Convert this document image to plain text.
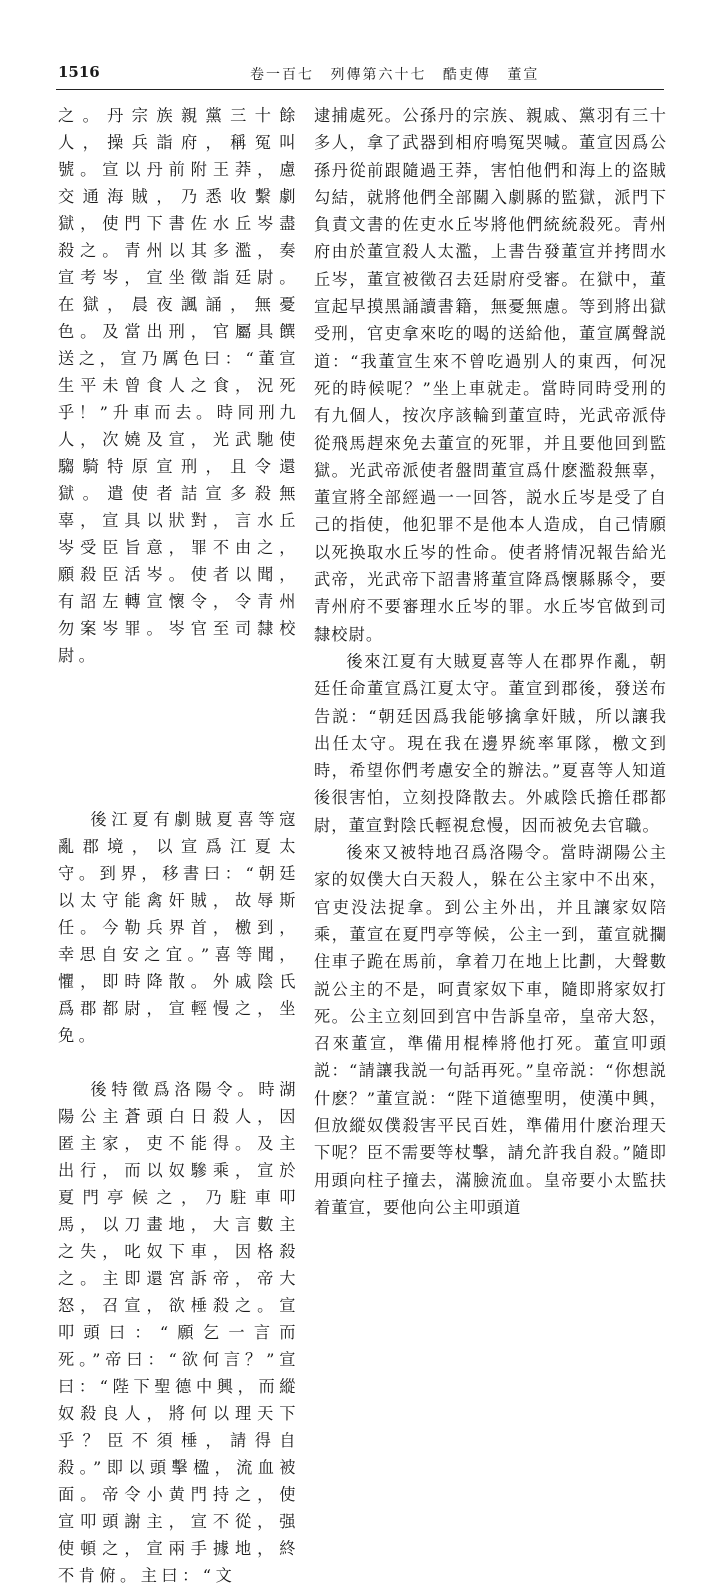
1516	卷一百七 列傳第六十七 酷吏傳 董宣

之。丹宗族親黨三十餘人，操兵詣府，稱冤叫號。宣以丹前附王莽，慮交通海賊，乃悉收繫劇獄，使門下書佐水丘岑盡殺之。青州以其多濫，奏宣考岑，宣坐徵詣廷尉。在獄，晨夜諷誦，無憂色。及當出刑，官屬具饌送之，宣乃厲色曰：“董宣生平未曾食人之食，況死乎！”升車而去。時同刑九人，次嬈及宣，光武馳使騶騎特原宣刑，且令還獄。遣使者詰宣多殺無辜，宣具以狀對，言水丘岑受臣旨意，罪不由之，願殺臣活岑。使者以聞，有詔左轉宣懷令，令青州勿案岑罪。岑官至司隸校尉。

後江夏有劇賊夏喜等寇亂郡境，以宣爲江夏太守。到界，移書曰：“朝廷以太守能禽奸賊，故辱斯任。今勒兵界首，檄到，幸思自安之宜。”喜等聞，懼，即時降散。外戚陰氏爲郡都尉，宣輕慢之，坐免。

後特徵爲洛陽令。時湖陽公主蒼頭白日殺人，因匿主家，吏不能得。及主出行，而以奴驂乘，宣於夏門亭候之，乃駐車叩馬，以刀畫地，大言數主之失，叱奴下車，因格殺之。主即還宮訴帝，帝大怒，召宣，欲棰殺之。宣叩頭曰：“願乞一言而死。”帝曰：“欲何言？”宣曰：“陛下聖德中興，而縱奴殺良人，將何以理天下乎？臣不須棰，請得自殺。”即以頭擊楹，流血被面。帝令小黄門持之，使宣叩頭謝主，宣不從，强使頓之，宣兩手據地，終不肯俯。主曰：“文

逮捕處死。公孫丹的宗族、親戚、黨羽有三十多人，拿了武器到相府鳴冤哭喊。董宣因爲公孫丹從前跟隨過王莽，害怕他們和海上的盗賊勾結，就將他們全部關入劇縣的監獄，派門下負責文書的佐吏水丘岑將他們統統殺死。青州府由於董宣殺人太濫，上書告發董宣并拷問水丘岑，董宣被徵召去廷尉府受審。在獄中，董宣起早摸黑誦讀書籍，無憂無慮。等到將出獄受刑，官吏拿來吃的喝的送給他，董宣厲聲説道：“我董宣生來不曾吃過别人的東西，何况死的時候呢？”坐上車就走。當時同時受刑的有九個人，按次序該輪到董宣時，光武帝派侍從飛馬趕來免去董宣的死罪，并且要他回到監獄。光武帝派使者盤問董宣爲什麽濫殺無辜，董宣將全部經過一一回答，説水丘岑是受了自己的指使，他犯罪不是他本人造成，自己情願以死换取水丘岑的性命。使者將情况報告給光武帝，光武帝下詔書將董宣降爲懷縣縣令，要青州府不要審理水丘岑的罪。水丘岑官做到司隸校尉。

後來江夏有大賊夏喜等人在郡界作亂，朝廷任命董宣爲江夏太守。董宣到郡後，發送布告説：“朝廷因爲我能够擒拿奸賊，所以讓我出任太守。現在我在邊界統率軍隊，檄文到時，希望你們考慮安全的辦法。”夏喜等人知道後很害怕，立刻投降散去。外戚陰氏擔任郡都尉，董宣對陰氏輕視怠慢，因而被免去官職。

後來又被特地召爲洛陽令。當時湖陽公主家的奴僕大白天殺人，躲在公主家中不出來，官吏没法捉拿。到公主外出，并且讓家奴陪乘，董宣在夏門亭等候，公主一到，董宣就攔住車子跪在馬前，拿着刀在地上比劃，大聲數説公主的不是，呵責家奴下車，隨即將家奴打死。公主立刻回到宫中告訴皇帝，皇帝大怒，召來董宣，準備用棍棒將他打死。董宣叩頭説：“請讓我説一句話再死。”皇帝説：“你想説什麽？”董宣説：“陛下道德聖明，使漢中興，但放縱奴僕殺害平民百姓，準備用什麽治理天下呢？臣不需要等杖擊，請允許我自殺。”隨即用頭向柱子撞去，滿臉流血。皇帝要小太監扶着董宣，要他向公主叩頭道
